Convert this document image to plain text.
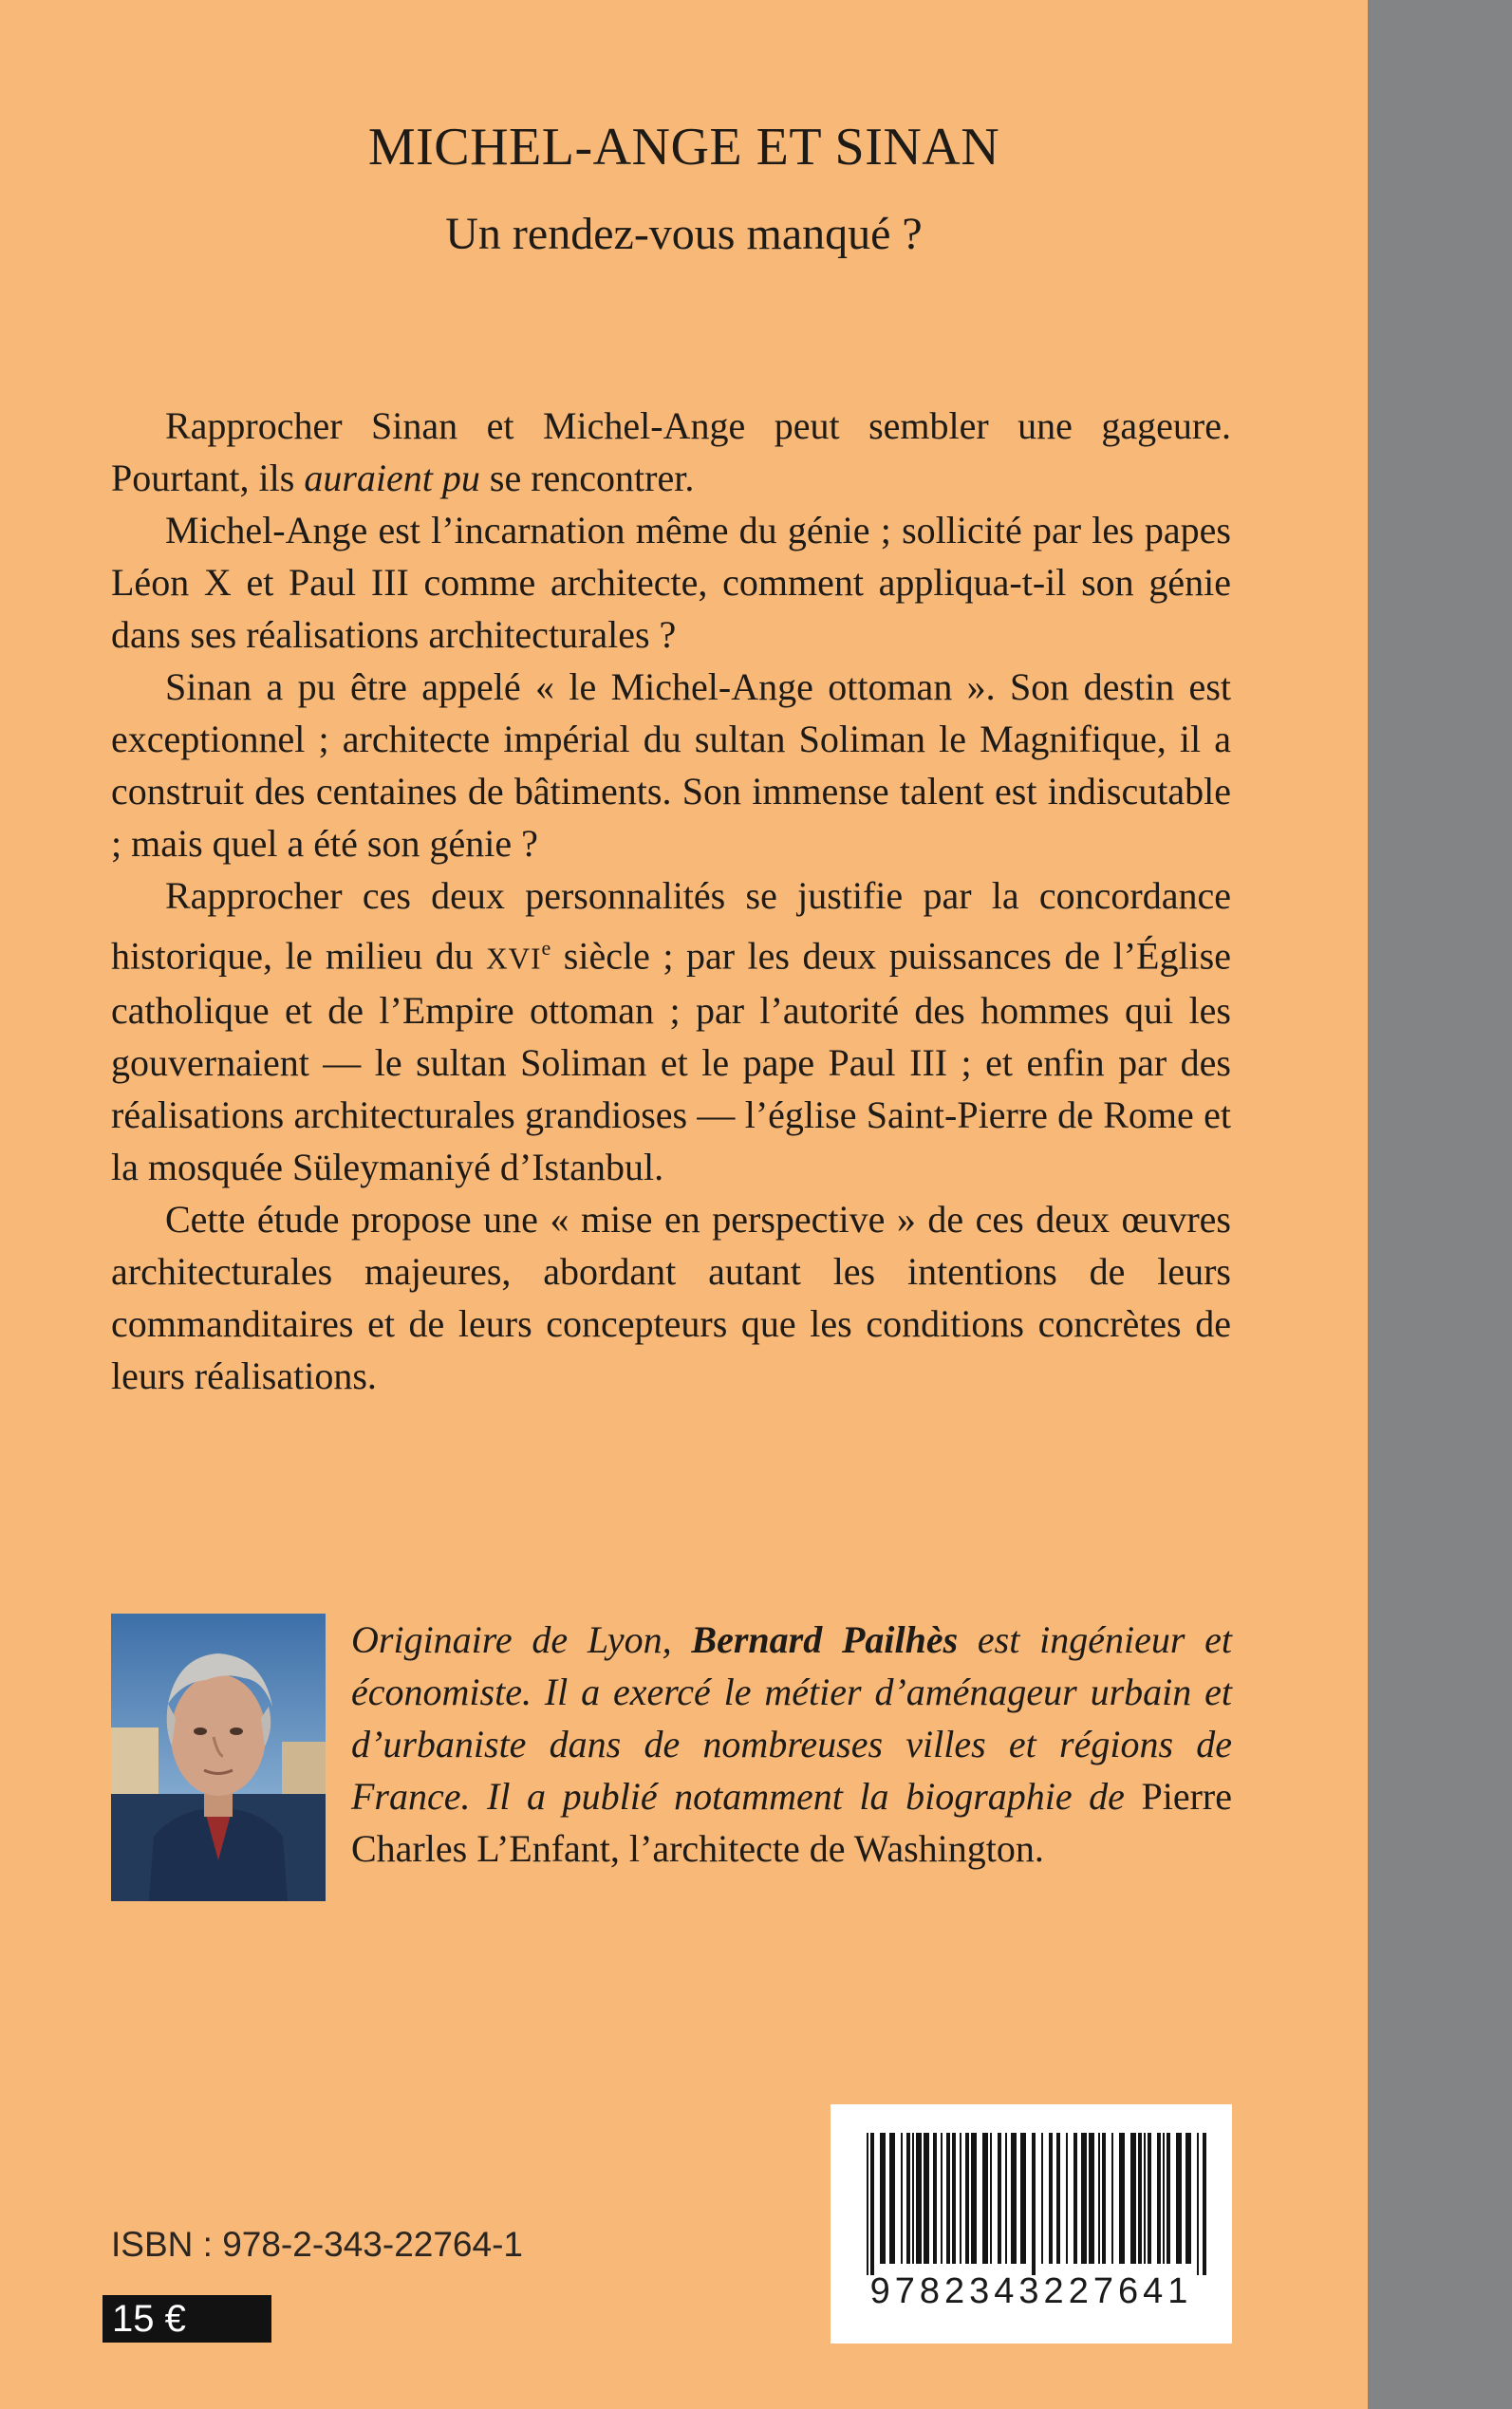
MICHEL-ANGE ET SINAN
Un rendez-vous manqué ?

Rapprocher Sinan et Michel-Ange peut sembler une gageure. Pourtant, ils auraient pu se rencontrer.

Michel-Ange est l’incarnation même du génie ; sollicité par les papes Léon X et Paul III comme architecte, comment appliqua-t-il son génie dans ses réalisations architecturales ?

Sinan a pu être appelé « le Michel-Ange ottoman ». Son destin est exceptionnel ; architecte impérial du sultan Soliman le Magnifique, il a construit des centaines de bâtiments. Son immense talent est indiscutable ; mais quel a été son génie ?

Rapprocher ces deux personnalités se justifie par la concordance historique, le milieu du XVIe siècle ; par les deux puissances de l’Église catholique et de l’Empire ottoman ; par l’autorité des hommes qui les gouvernaient — le sultan Soliman et le pape Paul III ; et enfin par des réalisations architecturales grandioses — l’église Saint-Pierre de Rome et la mosquée Süleymaniyé d’Istanbul.

Cette étude propose une « mise en perspective » de ces deux œuvres architecturales majeures, abordant autant les intentions de leurs commanditaires et de leurs concepteurs que les conditions concrètes de leurs réalisations.

Originaire de Lyon, Bernard Pailhès est ingénieur et économiste. Il a exercé le métier d’aménageur urbain et d’urbaniste dans de nombreuses villes et régions de France. Il a publié notamment la biographie de Pierre Charles L’Enfant, l’architecte de Washington.
9782343227641
ISBN : 978-2-343-22764-1
15 €
